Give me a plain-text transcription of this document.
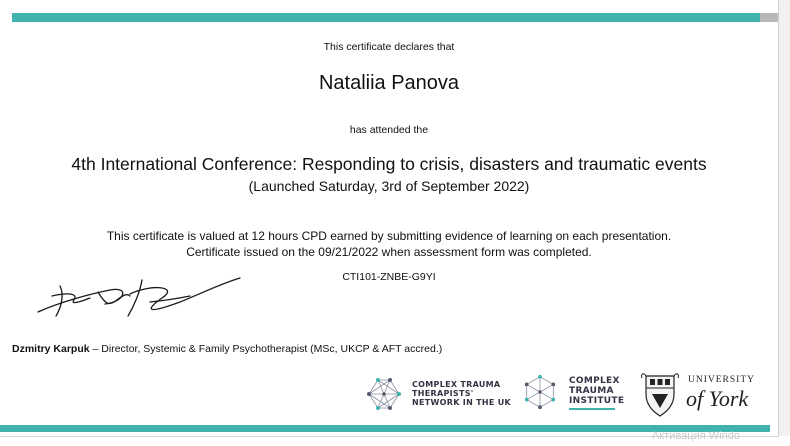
This certificate declares that
Nataliia Panova
has attended the
4th International Conference: Responding to crisis, disasters and traumatic events
(Launched Saturday, 3rd of September 2022)
This certificate is valued at 12 hours CPD earned by submitting evidence of learning on each presentation.
Certificate issued on the 09/21/2022 when assessment form was completed.
CTI101-ZNBE-G9YI
Dzmitry Karpuk – Director, Systemic & Family Psychotherapist (MSc, UKCP & AFT accred.)
COMPLEX TRAUMA
THERAPISTS'
NETWORK IN THE UK
COMPLEX
TRAUMA
INSTITUTE
UNIVERSITY
of York
Активация Windo
